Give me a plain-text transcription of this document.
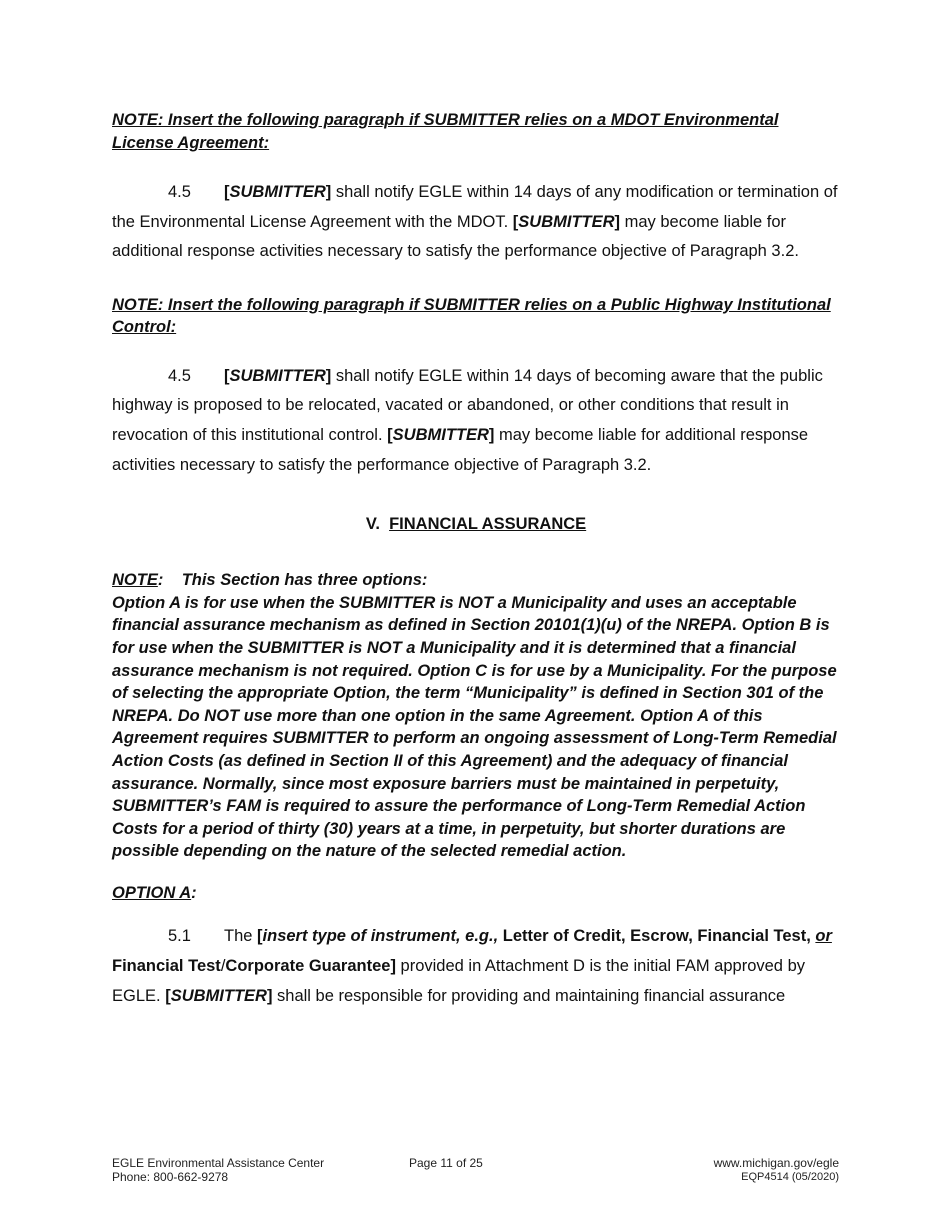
NOTE: Insert the following paragraph if SUBMITTER relies on a MDOT Environmental License Agreement:

4.5 [SUBMITTER] shall notify EGLE within 14 days of any modification or termination of the Environmental License Agreement with the MDOT. [SUBMITTER] may become liable for additional response activities necessary to satisfy the performance objective of Paragraph 3.2.

NOTE: Insert the following paragraph if SUBMITTER relies on a Public Highway Institutional Control:

4.5 [SUBMITTER] shall notify EGLE within 14 days of becoming aware that the public highway is proposed to be relocated, vacated or abandoned, or other conditions that result in revocation of this institutional control. [SUBMITTER] may become liable for additional response activities necessary to satisfy the performance objective of Paragraph 3.2.

V. FINANCIAL ASSURANCE

NOTE: This Section has three options:
Option A is for use when the SUBMITTER is NOT a Municipality and uses an acceptable financial assurance mechanism as defined in Section 20101(1)(u) of the NREPA. Option B is for use when the SUBMITTER is NOT a Municipality and it is determined that a financial assurance mechanism is not required. Option C is for use by a Municipality. For the purpose of selecting the appropriate Option, the term “Municipality” is defined in Section 301 of the NREPA. Do NOT use more than one option in the same Agreement. Option A of this Agreement requires SUBMITTER to perform an ongoing assessment of Long-Term Remedial Action Costs (as defined in Section II of this Agreement) and the adequacy of financial assurance. Normally, since most exposure barriers must be maintained in perpetuity, SUBMITTER’s FAM is required to assure the performance of Long-Term Remedial Action Costs for a period of thirty (30) years at a time, in perpetuity, but shorter durations are possible depending on the nature of the selected remedial action.

OPTION A:

5.1 The [insert type of instrument, e.g., Letter of Credit, Escrow, Financial Test, or Financial Test/Corporate Guarantee] provided in Attachment D is the initial FAM approved by EGLE. [SUBMITTER] shall be responsible for providing and maintaining financial assurance

EGLE Environmental Assistance Center
Phone: 800-662-9278
Page 11 of 25	www.michigan.gov/egle
EQP4514 (05/2020)
